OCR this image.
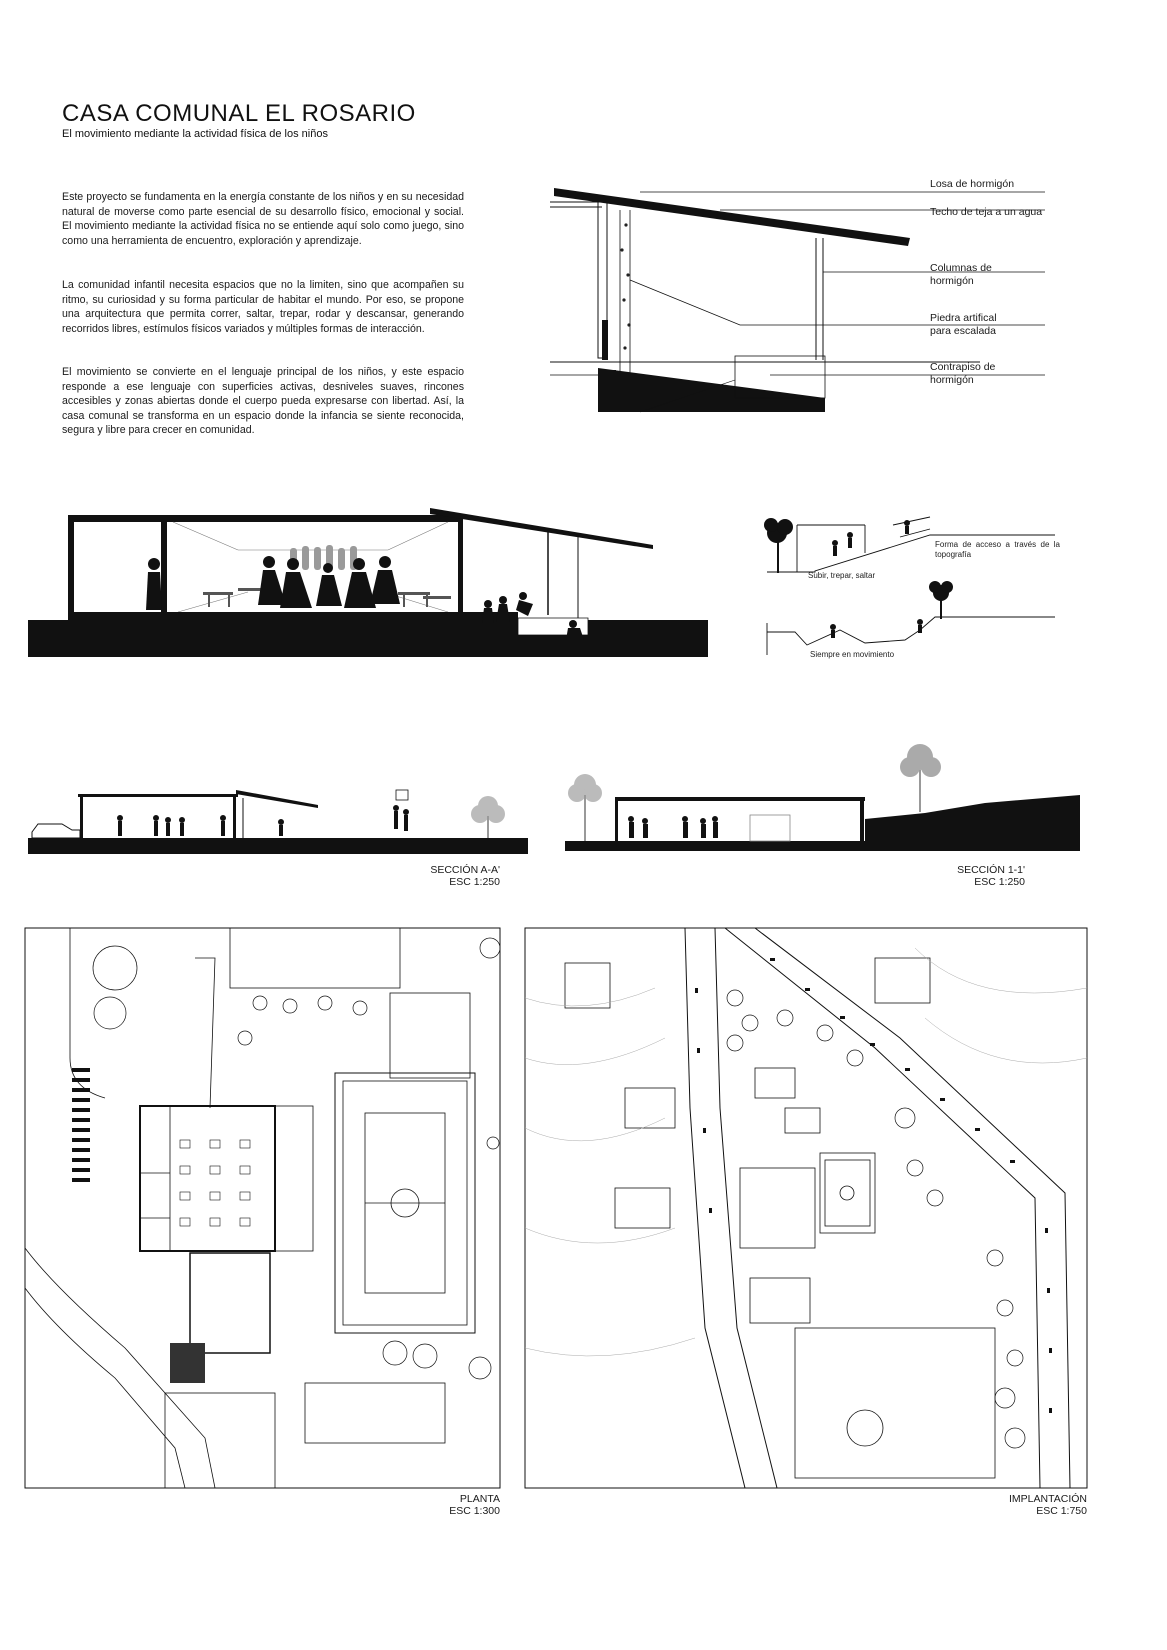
CASA COMUNAL EL ROSARIO

El movimiento mediante la actividad física de los niños

Este proyecto se fundamenta en la energía constante de los niños y en su necesidad natural de moverse como parte esencial de su desarrollo físico, emocional y social. El movimiento mediante la actividad física no se entiende aquí solo como juego, sino como una herramienta de encuentro, exploración y aprendizaje.

La comunidad infantil necesita espacios que no la limiten, sino que acompañen su ritmo, su curiosidad y su forma particular de habitar el mundo. Por eso, se propone una arquitectura que permita correr, saltar, trepar, rodar y descansar, generando recorridos libres, estímulos físicos variados y múltiples formas de interacción.

El movimiento se convierte en el lenguaje principal de los niños, y este espacio responde a ese lenguaje con superficies activas, desniveles suaves, rincones accesibles y zonas abiertas donde el cuerpo pueda expresarse con libertad. Así, la casa comunal se transforma en un espacio donde la infancia se siente reconocida, segura y libre para crecer en comunidad.

Losa de hormigón
Techo de teja a un agua
Columnas de hormigón
Piedra artifical para escalada
Contrapiso de hormigón
Forma de acceso a través de la topografía
Subir, trepar, saltar
Siempre en movimiento
SECCIÓN A-A'
ESC 1:250
SECCIÓN 1-1'
ESC 1:250
PLANTA
ESC 1:300
IMPLANTACIÓN
ESC 1:750
